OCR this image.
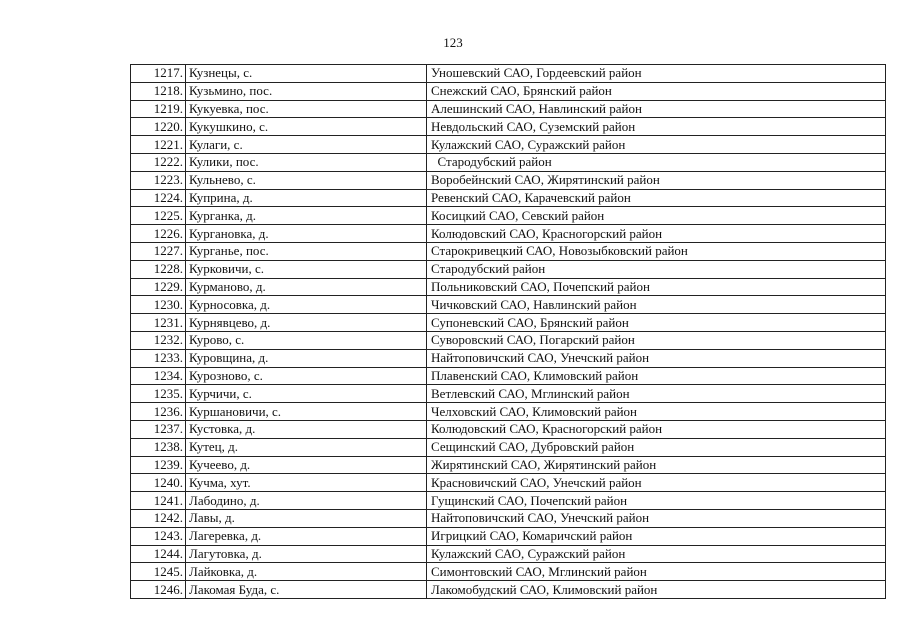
123
1217.	Кузнецы, с.	Уношевский САО, Гордеевский район
1218.	Кузьмино, пос.	Снежский САО, Брянский район
1219.	Кукуевка, пос.	Алешинский САО, Навлинский район
1220.	Кукушкино, с.	Невдольский САО, Суземский район
1221.	Кулаги, с.	Кулажский САО, Суражский район
1222.	Кулики, пос.	Стародубский район
1223.	Кульнево, с.	Воробейнский САО, Жирятинский район
1224.	Куприна, д.	Ревенский САО, Карачевский район
1225.	Курганка, д.	Косицкий САО, Севский район
1226.	Кургановка, д.	Колюдовский САО, Красногорский район
1227.	Курганье, пос.	Старокривецкий САО, Новозыбковский район
1228.	Курковичи, с.	Стародубский район
1229.	Курманово, д.	Польниковский САО, Почепский район
1230.	Курносовка, д.	Чичковский САО, Навлинский район
1231.	Курнявцево, д.	Супоневский САО, Брянский район
1232.	Курово, с.	Суворовский САО, Погарский район
1233.	Куровщина, д.	Найтоповичский САО, Унечский район
1234.	Курозново, с.	Плавенский САО, Климовский район
1235.	Курчичи, с.	Ветлевский САО, Мглинский район
1236.	Куршановичи, с.	Челховский САО, Климовский район
1237.	Кустовка, д.	Колюдовский САО, Красногорский район
1238.	Кутец, д.	Сещинский САО, Дубровский район
1239.	Кучеево, д.	Жирятинский САО, Жирятинский район
1240.	Кучма, хут.	Красновичский САО, Унечский район
1241.	Лабодино, д.	Гущинский САО, Почепский район
1242.	Лавы, д.	Найтоповичский САО, Унечский район
1243.	Лагеревка, д.	Игрицкий САО, Комаричский район
1244.	Лагутовка, д.	Кулажский САО, Суражский район
1245.	Лайковка, д.	Симонтовский САО, Мглинский район
1246.	Лакомая Буда, с.	Лакомобудский САО, Климовский район
